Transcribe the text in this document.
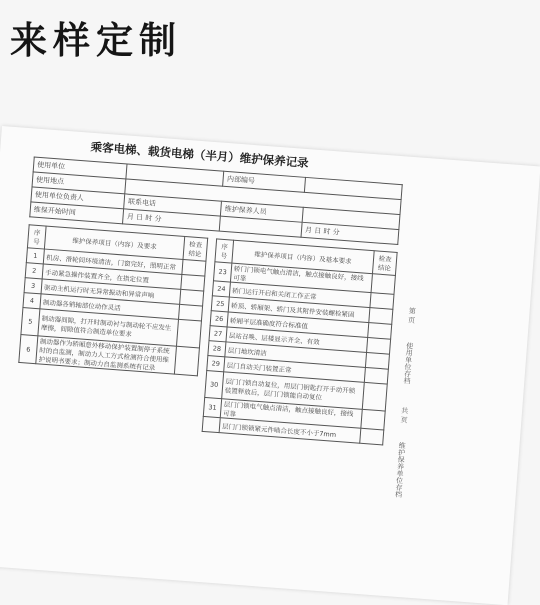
来样定制
乘客电梯、载货电梯（半月）维护保养记录
使用单位		内部编号	
使用地点			
使用单位负责人	联系电话	维护保养人员	
维保开始时间	月 日 时 分		月 日 时 分
序号	维护保养项目（内容）及要求	检查结论
1	机房、滑轮间环境清洁，门窗完好，照明正常	
2	手动紧急操作装置齐全，在指定位置	
3	驱动主机运行时无异常振动和异常声响	
4	制动器各销轴部位动作灵活	
5	制动器间隙，打开时制动衬与制动轮不应发生摩擦，间隙值符合制造单位要求	
6	制动器作为轿厢意外移动保护装置制停子系统时的自监测，制动力人工方式检测符合使用维护说明书要求；制动力自监测系统有记录	
序号	维护保养项目（内容）及基本要求	检查结论
23	轿门门锁电气触点清洁，触点接触良好，接线可靠	
24	轿门运行开启和关闭工作正常	
25	轿顶、轿厢架、轿门及其附件安装螺栓紧固	
26	轿厢平层准确度符合标准值	
27	层站召唤、层楼显示齐全、有效	
28	层门地坎清洁	
29	层门自动关门装置正常	
30	层门门锁自动复位，用层门钥匙打开手动开锁装置释放后，层门门锁能自动复位	
31	层门门锁电气触点清洁，触点接触良好，接线可靠	
	层门门锁锁紧元件啮合长度不小于7mm	
第 页
使用单位存档
共 页
维护保养单位存档
